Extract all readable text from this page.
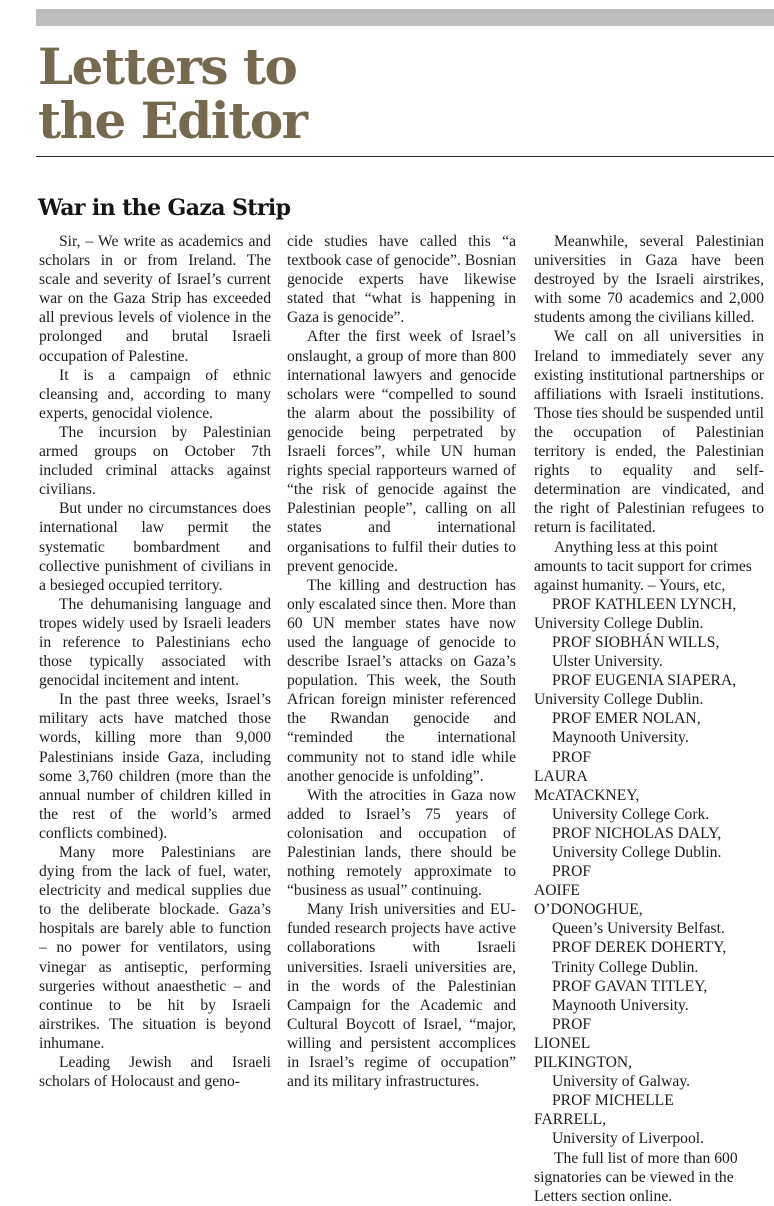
Letters to
the Editor
War in the Gaza Strip

Sir, – We write as academics and scholars in or from Ireland. The scale and severity of Israel’s current war on the Gaza Strip has exceeded all previous levels of violence in the prolonged and brutal Israeli occupation of Palestine.

It is a campaign of ethnic cleansing and, according to many experts, genocidal violence.

The incursion by Palestinian armed groups on October 7th included criminal attacks against civilians.

But under no circumstances does international law permit the systematic bombardment and collective punishment of civilians in a besieged occupied territory.

The dehumanising language and tropes widely used by Israeli leaders in reference to Palestinians echo those typically associated with genocidal incitement and intent.

In the past three weeks, Israel’s military acts have matched those words, killing more than 9,000 Palestinians inside Gaza, including some 3,760 children (more than the annual number of children killed in the rest of the world’s armed conflicts combined).

Many more Palestinians are dying from the lack of fuel, water, electricity and medical supplies due to the deliberate blockade. Gaza’s hospitals are barely able to function – no power for ventilators, using vinegar as antiseptic, performing surgeries without anaesthetic – and continue to be hit by Israeli airstrikes. The situation is beyond inhumane.

Leading Jewish and Israeli scholars of Holocaust and geno-

cide studies have called this “a textbook case of genocide”. Bosnian genocide experts have likewise stated that “what is happening in Gaza is genocide”.

After the first week of Israel’s onslaught, a group of more than 800 international lawyers and genocide scholars were “compelled to sound the alarm about the possibility of genocide being perpetrated by Israeli forces”, while UN human rights special rapporteurs warned of “the risk of genocide against the Palestinian people”, calling on all states and international organisations to fulfil their duties to prevent genocide.

The killing and destruction has only escalated since then. More than 60 UN member states have now used the language of genocide to describe Israel’s attacks on Gaza’s population. This week, the South African foreign minister referenced the Rwandan genocide and “reminded the international community not to stand idle while another genocide is unfolding”.

With the atrocities in Gaza now added to Israel’s 75 years of colonisation and occupation of Palestinian lands, there should be nothing remotely approximate to “business as usual” continuing.

Many Irish universities and EU-funded research projects have active collaborations with Israeli universities. Israeli universities are, in the words of the Palestinian Campaign for the Academic and Cultural Boycott of Israel, “major, willing and persistent accomplices in Israel’s regime of occupation” and its military infrastructures.

Meanwhile, several Palestinian universities in Gaza have been destroyed by the Israeli airstrikes, with some 70 academics and 2,000 students among the civilians killed.

We call on all universities in Ireland to immediately sever any existing institutional partnerships or affiliations with Israeli institutions. Those ties should be suspended until the occupation of Palestinian territory is ended, the Palestinian rights to equality and self-determination are vindicated, and the right of Palestinian refugees to return is facilitated.

Anything less at this point amounts to tacit support for crimes against humanity. – Yours, etc,

PROF KATHLEEN LYNCH,

University College Dublin.

PROF SIOBHÁN WILLS,

Ulster University.

PROF EUGENIA SIAPERA,

University College Dublin.

PROF EMER NOLAN,

Maynooth University.

PROF LAURA McATACKNEY,

University College Cork.

PROF NICHOLAS DALY,

University College Dublin.

PROF AOIFE O’DONOGHUE,

Queen’s University Belfast.

PROF DEREK DOHERTY,

Trinity College Dublin.

PROF GAVAN TITLEY,

Maynooth University.

PROF LIONEL PILKINGTON,

University of Galway.

PROF MICHELLE FARRELL,

University of Liverpool.

The full list of more than 600 signatories can be viewed in the Letters section online.
